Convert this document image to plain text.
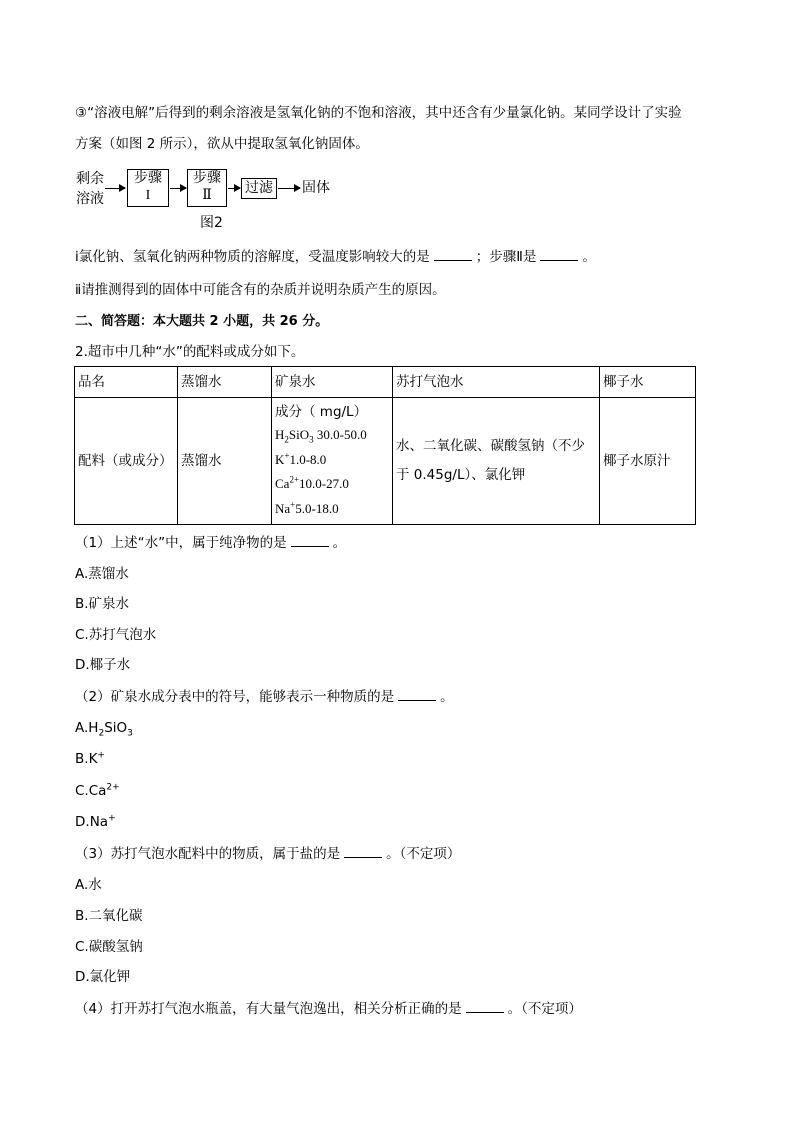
③“溶液电解”后得到的剩余溶液是氢氧化钠的不饱和溶液，其中还含有少量氯化钠。某同学设计了实验
方案（如图 2 所示），欲从中提取氢氧化钠固体。
剩余
溶液
步骤
I
步骤
Ⅱ	过滤 固体
图2
ⅰ氯化钠、氢氧化钠两种物质的溶解度，受温度影响较大的是	；步骤Ⅱ是	。
ⅱ请推测得到的固体中可能含有的杂质并说明杂质产生的原因。
二、简答题：本大题共 2 小题，共 26 分。
2.超市中几种“水”的配料或成分如下。
品名	蒸馏水	矿泉水	苏打气泡水	椰子水
配料（或成分）	蒸馏水	成分（ mg/L）
$H_2SiO_3$ 30.0-50.0
K+1.0-8.0
$Ca^{2+}10.0-27.0$
Na+5.0-18.0	水、二氧化碳、碳酸氢钠（不少于 0.45g/L）、氯化钾	椰子水原汁
（1）上述“水”中，属于纯净物的是	。
A.蒸馏水
B.矿泉水
C.苏打气泡水
D.椰子水
（2）矿泉水成分表中的符号，能够表示一种物质的是	。
$A.H_2SiO_3$
B.K+
$C.Ca^{2+}$
D.Na+
（3）苏打气泡水配料中的物质，属于盐的是	。（不定项）
A.水
B.二氧化碳
C.碳酸氢钠
D.氯化钾
（4）打开苏打气泡水瓶盖，有大量气泡逸出，相关分析正确的是	。（不定项）
